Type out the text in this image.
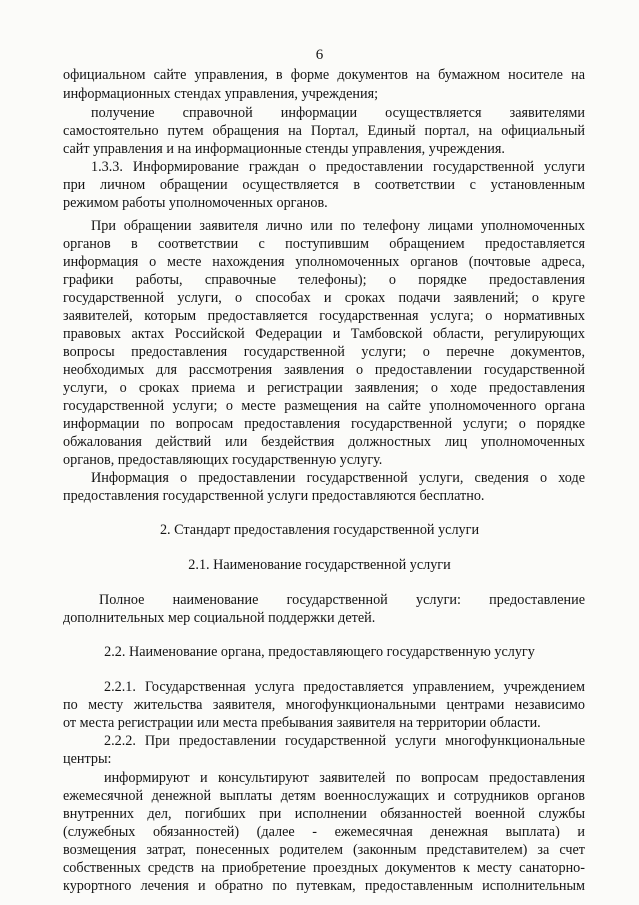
6
официальном сайте управления, в форме документов на бумажном носителе на
информационных стендах управления, учреждения;
получение справочной информации осуществляется заявителями
самостоятельно путем обращения на Портал, Единый портал, на официальный
сайт управления и на информационные стенды управления, учреждения.
1.3.3. Информирование граждан о предоставлении государственной услуги
при личном обращении осуществляется в соответствии с установленным
режимом работы уполномоченных органов.
При обращении заявителя лично или по телефону лицами уполномоченных
органов в соответствии с поступившим обращением предоставляется
информация о месте нахождения уполномоченных органов (почтовые адреса,
графики работы, справочные телефоны); о порядке предоставления
государственной услуги, о способах и сроках подачи заявлений; о круге
заявителей, которым предоставляется государственная услуга; о нормативных
правовых актах Российской Федерации и Тамбовской области, регулирующих
вопросы предоставления государственной услуги; о перечне документов,
необходимых для рассмотрения заявления о предоставлении государственной
услуги, о сроках приема и регистрации заявления; о ходе предоставления
государственной услуги; о месте размещения на сайте уполномоченного органа
информации по вопросам предоставления государственной услуги; о порядке
обжалования действий или бездействия должностных лиц уполномоченных
органов, предоставляющих государственную услугу.
Информация о предоставлении государственной услуги, сведения о ходе
предоставления государственной услуги предоставляются бесплатно.
2. Стандарт предоставления государственной услуги
2.1. Наименование государственной услуги
Полное наименование государственной услуги: предоставление
дополнительных мер социальной поддержки детей.
2.2. Наименование органа, предоставляющего государственную услугу
2.2.1. Государственная услуга предоставляется управлением, учреждением
по месту жительства заявителя, многофункциональными центрами независимо
от места регистрации или места пребывания заявителя на территории области.
2.2.2. При предоставлении государственной услуги многофункциональные
центры:
информируют и консультируют заявителей по вопросам предоставления
ежемесячной денежной выплаты детям военнослужащих и сотрудников органов
внутренних дел, погибших при исполнении обязанностей военной службы
(служебных обязанностей) (далее - ежемесячная денежная выплата) и
возмещения затрат, понесенных родителем (законным представителем) за счет
собственных средств на приобретение проездных документов к месту санаторно-
курортного лечения и обратно по путевкам, предоставленным исполнительным
